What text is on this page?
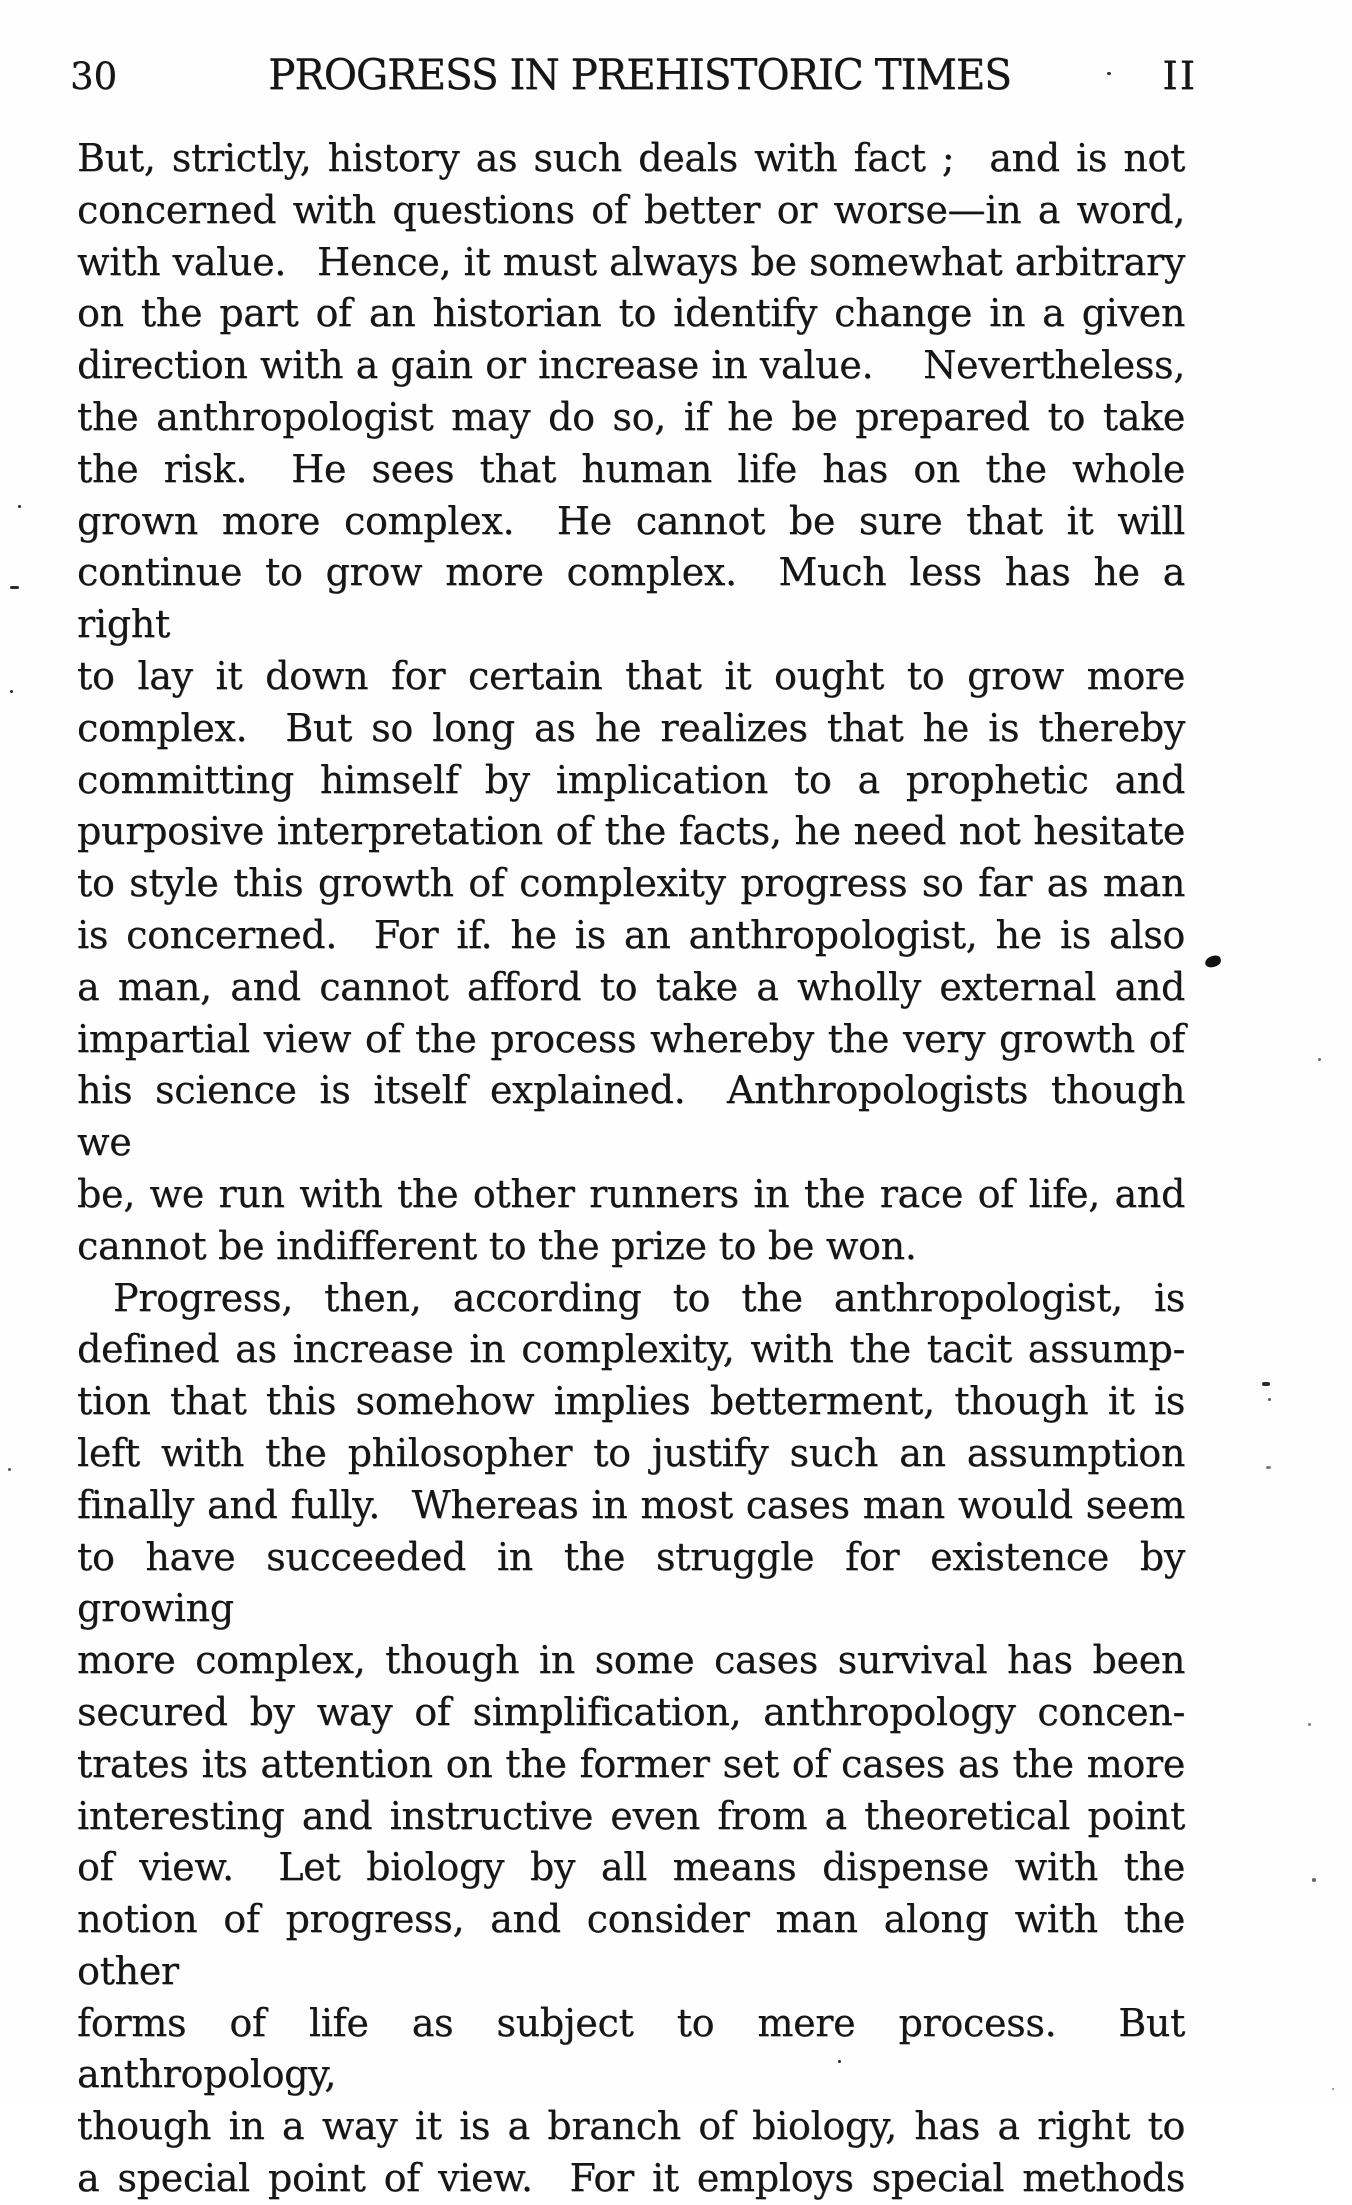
30	PROGRESS IN PREHISTORIC TIMES	II
But, strictly, history as such deals with fact ;  and is not
concerned with questions of better or worse—in a word,
with value.  Hence, it must always be somewhat arbitrary
on the part of an historian to identify change in a given
direction with a gain or increase in value.   Nevertheless,
the anthropologist may do so, if he be prepared to take
the risk.  He sees that human life has on the whole
grown more complex.  He cannot be sure that it will
continue to grow more complex.  Much less has he a right
to lay it down for certain that it ought to grow more
complex.  But so long as he realizes that he is thereby
committing himself by implication to a prophetic and
purposive interpretation of the facts, he need not hesitate
to style this growth of complexity progress so far as man
is concerned.  For if. he is an anthropologist, he is also
a man, and cannot afford to take a wholly external and
impartial view of the process whereby the very growth of
his science is itself explained.  Anthropologists though we
be, we run with the other runners in the race of life, and
cannot be indifferent to the prize to be won.
Progress, then, according to the anthropologist, is
defined as increase in complexity, with the tacit assump-
tion that this somehow implies betterment, though it is
left with the philosopher to justify such an assumption
finally and fully.  Whereas in most cases man would seem
to have succeeded in the struggle for existence by growing
more complex, though in some cases survival has been
secured by way of simplification, anthropology concen-
trates its attention on the former set of cases as the more
interesting and instructive even from a theoretical point
of view.  Let biology by all means dispense with the
notion of progress, and consider man along with the other
forms of life as subject to mere process.  But anthropology,
though in a way it is a branch of biology, has a right to
a special point of view.  For it employs special methods
